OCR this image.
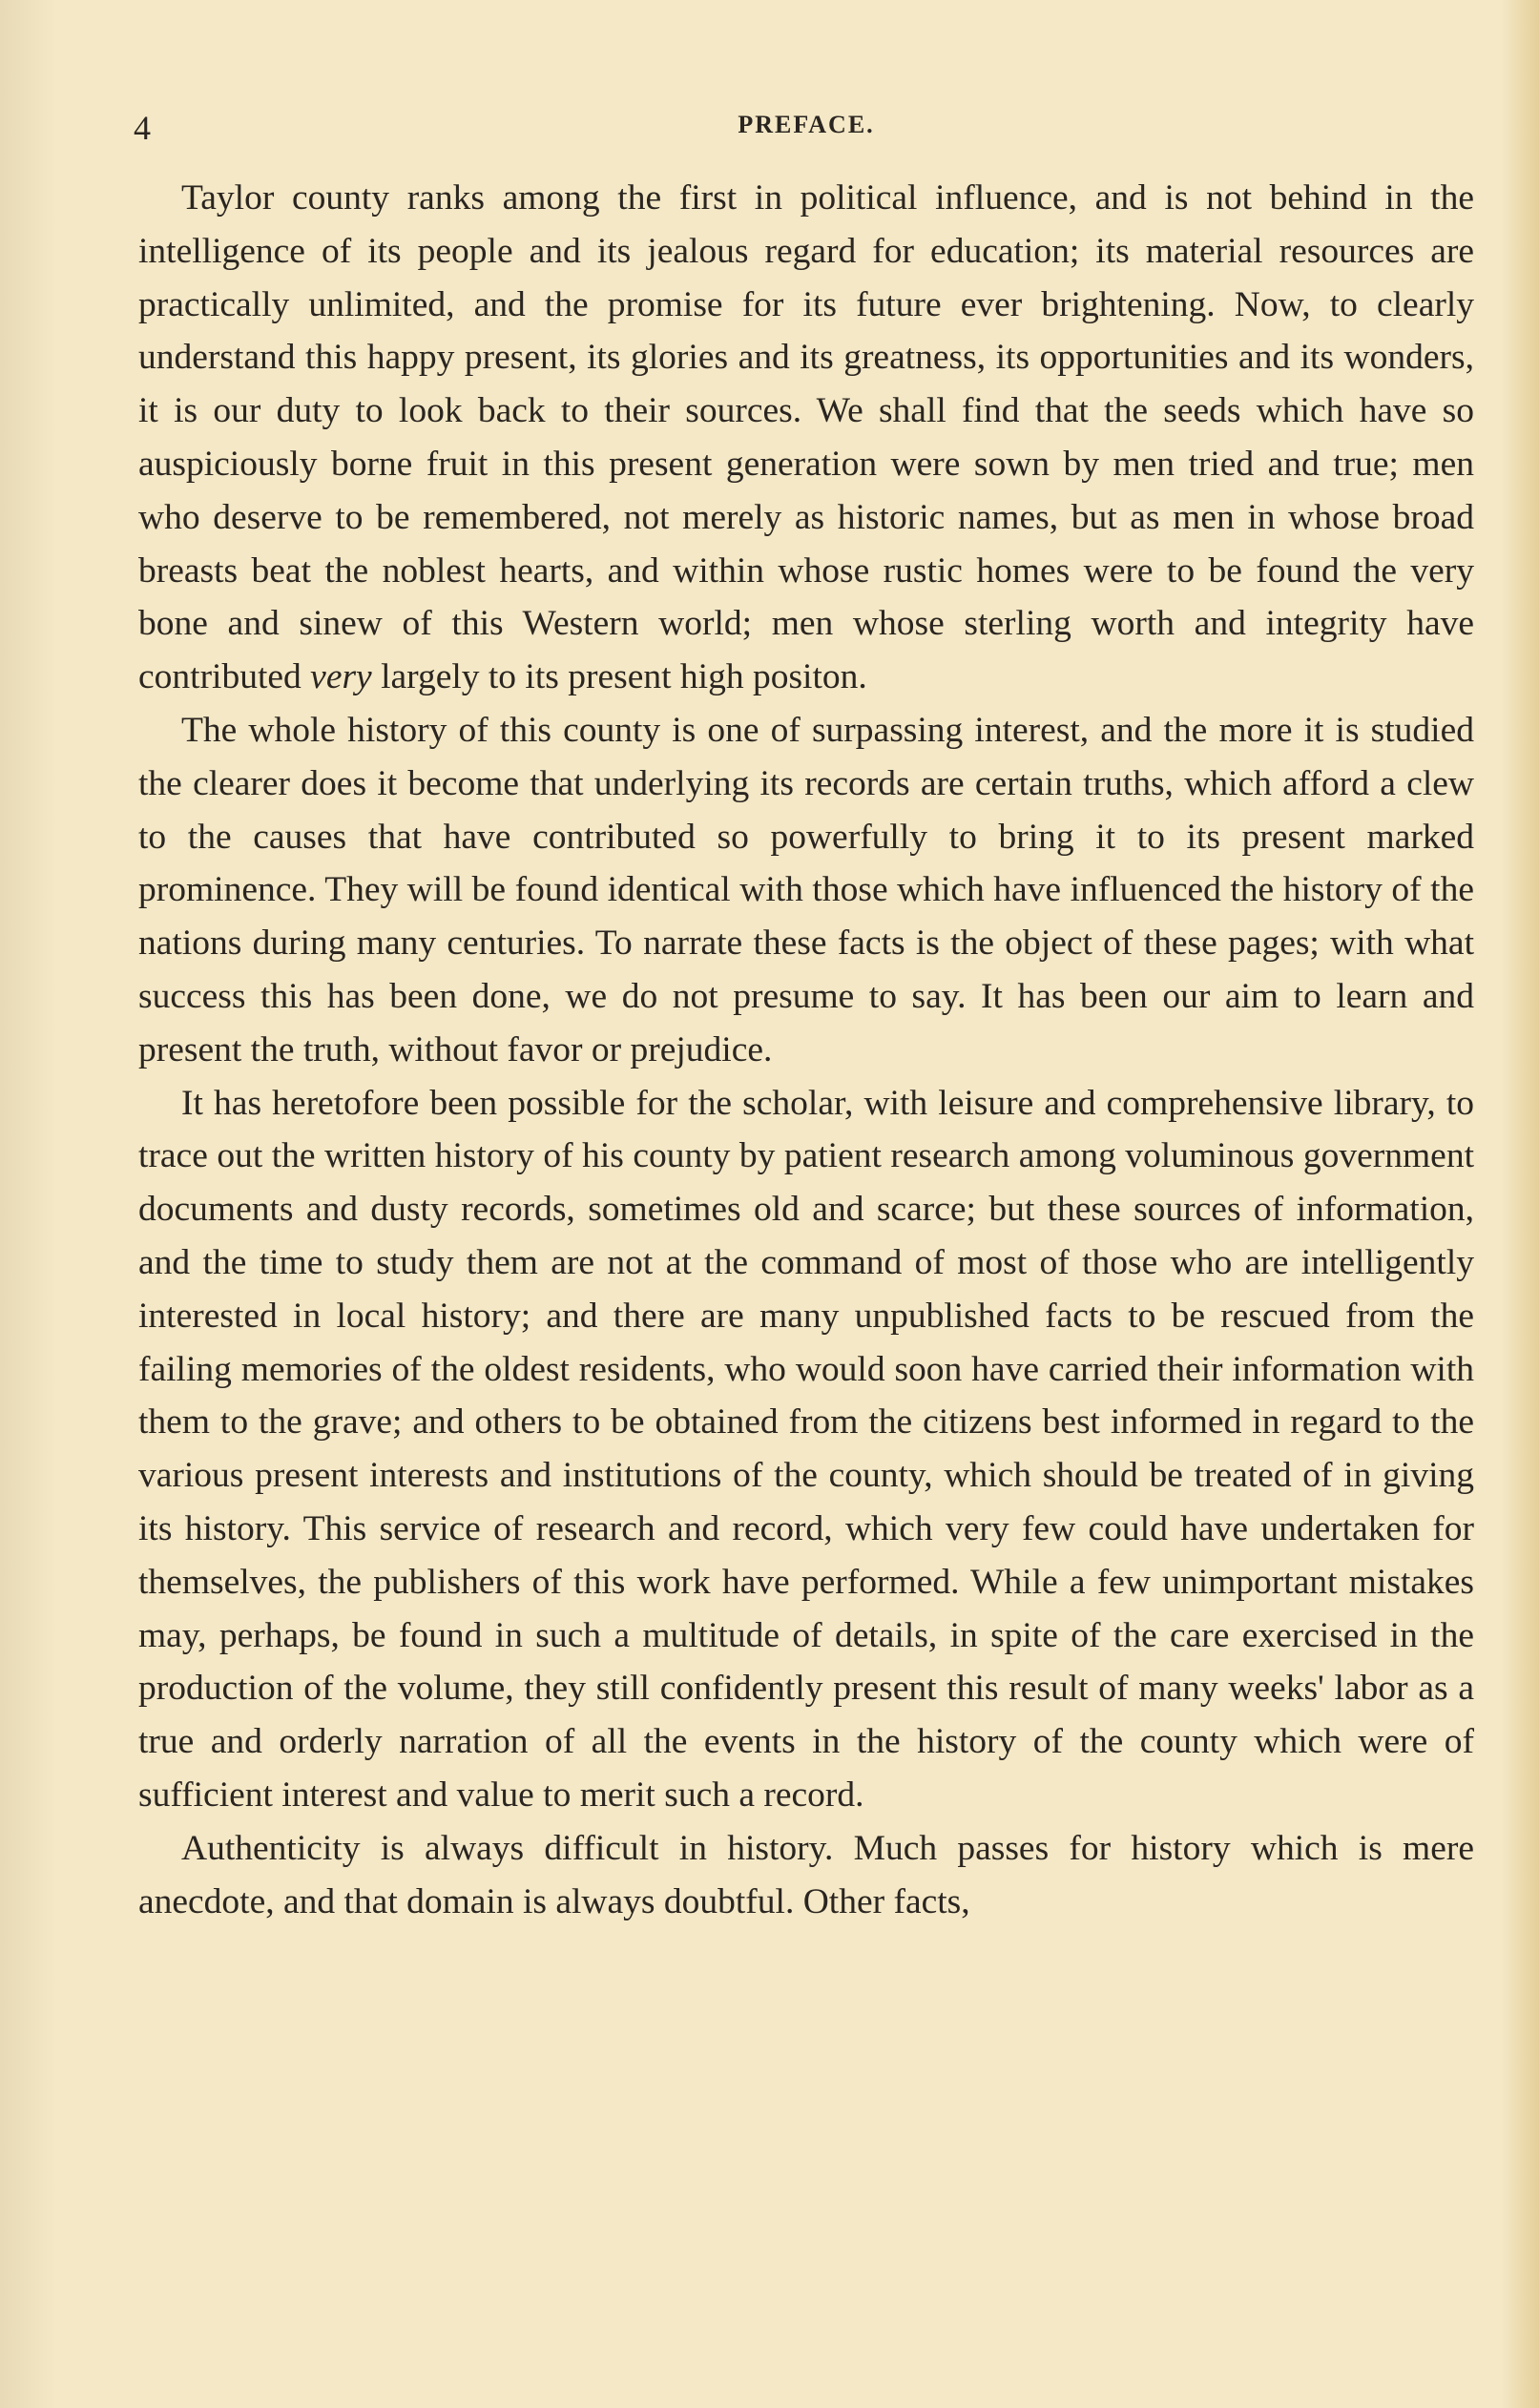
4	PREFACE.

Taylor county ranks among the first in political influence, and is not behind in the intelligence of its people and its jealous regard for education; its material resources are practically unlimited, and the promise for its future ever brightening. Now, to clearly understand this happy present, its glories and its greatness, its opportunities and its wonders, it is our duty to look back to their sources. We shall find that the seeds which have so auspiciously borne fruit in this present generation were sown by men tried and true; men who deserve to be remembered, not merely as historic names, but as men in whose broad breasts beat the noblest hearts, and within whose rustic homes were to be found the very bone and sinew of this Western world; men whose sterling worth and integrity have contributed very largely to its present high positon.

The whole history of this county is one of surpassing interest, and the more it is studied the clearer does it become that underlying its records are certain truths, which afford a clew to the causes that have contributed so powerfully to bring it to its present marked prominence. They will be found identical with those which have influenced the history of the nations during many centuries. To narrate these facts is the object of these pages; with what success this has been done, we do not presume to say. It has been our aim to learn and present the truth, without favor or prejudice.

It has heretofore been possible for the scholar, with leisure and comprehensive library, to trace out the written history of his county by patient research among voluminous government documents and dusty records, sometimes old and scarce; but these sources of information, and the time to study them are not at the command of most of those who are intelligently interested in local history; and there are many unpublished facts to be rescued from the failing memories of the oldest residents, who would soon have carried their information with them to the grave; and others to be obtained from the citizens best informed in regard to the various present interests and institutions of the county, which should be treated of in giving its history. This service of research and record, which very few could have undertaken for themselves, the publishers of this work have performed. While a few unimportant mistakes may, perhaps, be found in such a multitude of details, in spite of the care exercised in the production of the volume, they still confidently present this result of many weeks' labor as a true and orderly narration of all the events in the history of the county which were of sufficient interest and value to merit such a record.

Authenticity is always difficult in history. Much passes for history which is mere anecdote, and that domain is always doubtful. Other facts,
